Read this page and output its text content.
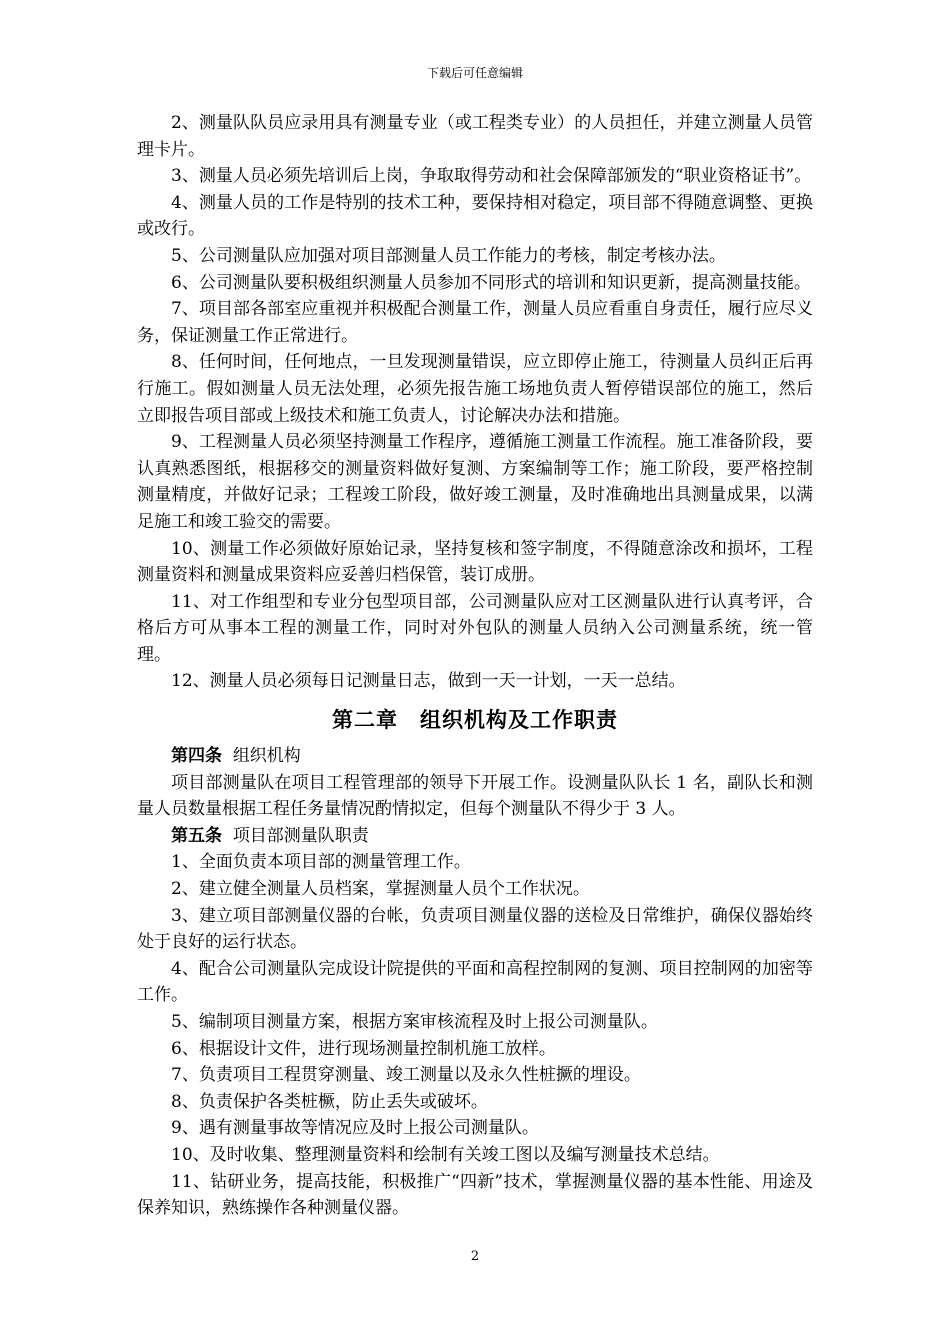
下载后可任意编辑

2、测量队队员应录用具有测量专业（或工程类专业）的人员担任，并建立测量人员管理卡片。

3、测量人员必须先培训后上岗，争取取得劳动和社会保障部颁发的“职业资格证书”。

4、测量人员的工作是特别的技术工种，要保持相对稳定，项目部不得随意调整、更换或改行。

5、公司测量队应加强对项目部测量人员工作能力的考核，制定考核办法。

6、公司测量队要积极组织测量人员参加不同形式的培训和知识更新，提高测量技能。

7、项目部各部室应重视并积极配合测量工作，测量人员应看重自身责任，履行应尽义务，保证测量工作正常进行。

8、任何时间，任何地点，一旦发现测量错误，应立即停止施工，待测量人员纠正后再行施工。假如测量人员无法处理，必须先报告施工场地负责人暂停错误部位的施工，然后立即报告项目部或上级技术和施工负责人，讨论解决办法和措施。

9、工程测量人员必须坚持测量工作程序，遵循施工测量工作流程。施工准备阶段，要认真熟悉图纸，根据移交的测量资料做好复测、方案编制等工作；施工阶段，要严格控制测量精度，并做好记录；工程竣工阶段，做好竣工测量，及时准确地出具测量成果，以满足施工和竣工验交的需要。

10、测量工作必须做好原始记录，坚持复核和签字制度，不得随意涂改和损坏，工程测量资料和测量成果资料应妥善归档保管，装订成册。

11、对工作组型和专业分包型项目部，公司测量队应对工区测量队进行认真考评，合格后方可从事本工程的测量工作，同时对外包队的测量人员纳入公司测量系统，统一管理。

12、测量人员必须每日记测量日志，做到一天一计划，一天一总结。

第二章　组织机构及工作职责

第四条 组织机构

项目部测量队在项目工程管理部的领导下开展工作。设测量队队长 1 名，副队长和测量人员数量根据工程任务量情况酌情拟定，但每个测量队不得少于 3 人。

第五条 项目部测量队职责

1、全面负责本项目部的测量管理工作。

2、建立健全测量人员档案，掌握测量人员个工作状况。

3、建立项目部测量仪器的台帐，负责项目测量仪器的送检及日常维护，确保仪器始终处于良好的运行状态。

4、配合公司测量队完成设计院提供的平面和高程控制网的复测、项目控制网的加密等工作。

5、编制项目测量方案，根据方案审核流程及时上报公司测量队。

6、根据设计文件，进行现场测量控制机施工放样。

7、负责项目工程贯穿测量、竣工测量以及永久性桩撅的埋设。

8、负责保护各类桩橛，防止丢失或破坏。

9、遇有测量事故等情况应及时上报公司测量队。

10、及时收集、整理测量资料和绘制有关竣工图以及编写测量技术总结。

11、钻研业务，提高技能，积极推广“四新”技术，掌握测量仪器的基本性能、用途及保养知识，熟练操作各种测量仪器。

2
